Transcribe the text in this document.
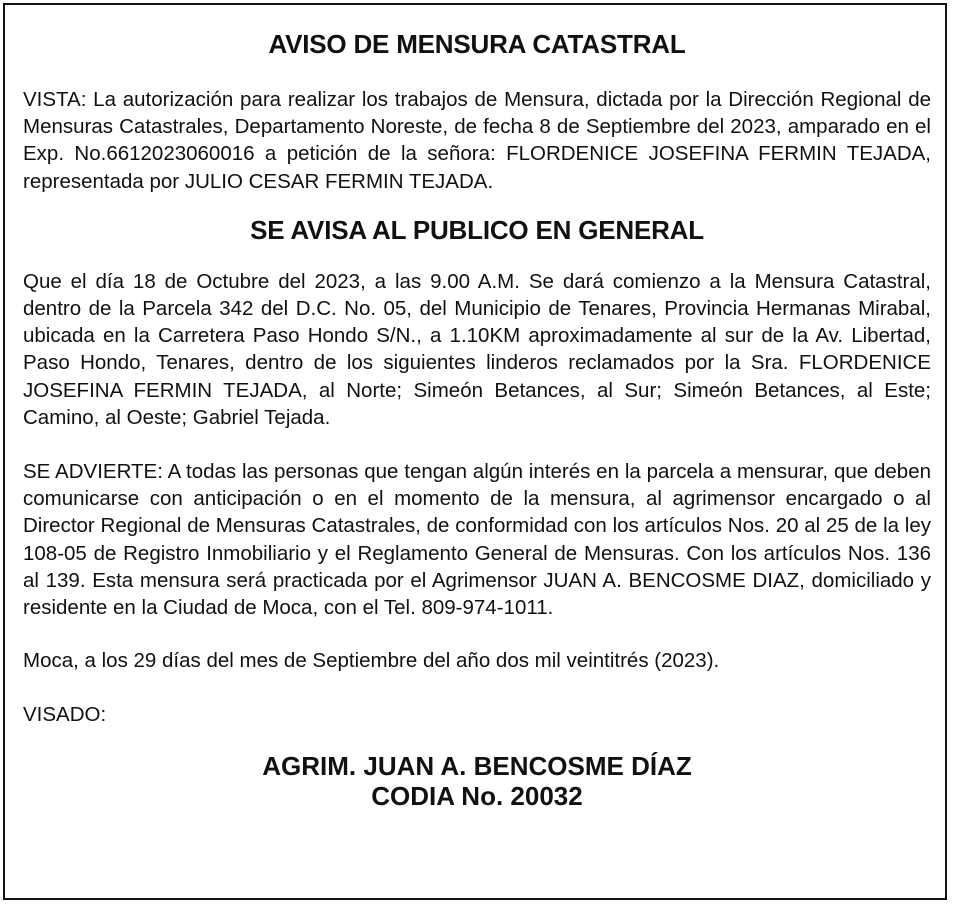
AVISO DE MENSURA CATASTRAL

VISTA: La autorización para realizar los trabajos de Mensura, dictada por la Dirección Regional de Mensuras Catastrales, Departamento Noreste, de fecha 8 de Septiembre del 2023, amparado en el Exp. No.6612023060016 a petición de la señora: FLORDENICE JOSEFINA FERMIN TEJADA, representada por JULIO CESAR FERMIN TEJADA.

SE AVISA AL PUBLICO EN GENERAL

Que el día 18 de Octubre del 2023, a las 9.00 A.M. Se dará comienzo a la Mensura Catastral, dentro de la Parcela 342 del D.C. No. 05, del Municipio de Tenares, Provincia Hermanas Mirabal, ubicada en la Carretera Paso Hondo S/N., a 1.10KM aproximadamente al sur de la Av. Libertad, Paso Hondo, Tenares, dentro de los siguientes linderos reclamados por la Sra. FLORDENICE JOSEFINA FERMIN TEJADA, al Norte; Simeón Betances, al Sur; Simeón Betances, al Este; Camino, al Oeste; Gabriel Tejada.

SE ADVIERTE: A todas las personas que tengan algún interés en la parcela a mensurar, que deben comunicarse con anticipación o en el momento de la mensura, al agrimensor encargado o al Director Regional de Mensuras Catastrales, de conformidad con los artículos Nos. 20 al 25 de la ley 108-05 de Registro Inmobiliario y el Reglamento General de Mensuras. Con los artículos Nos. 136 al 139. Esta mensura será practicada por el Agrimensor JUAN A. BENCOSME DIAZ, domiciliado y residente en la Ciudad de Moca, con el Tel. 809-974-1011.

Moca, a los 29 días del mes de Septiembre del año dos mil veintitrés (2023).

VISADO:

AGRIM. JUAN A. BENCOSME DÍAZ
CODIA No. 20032
